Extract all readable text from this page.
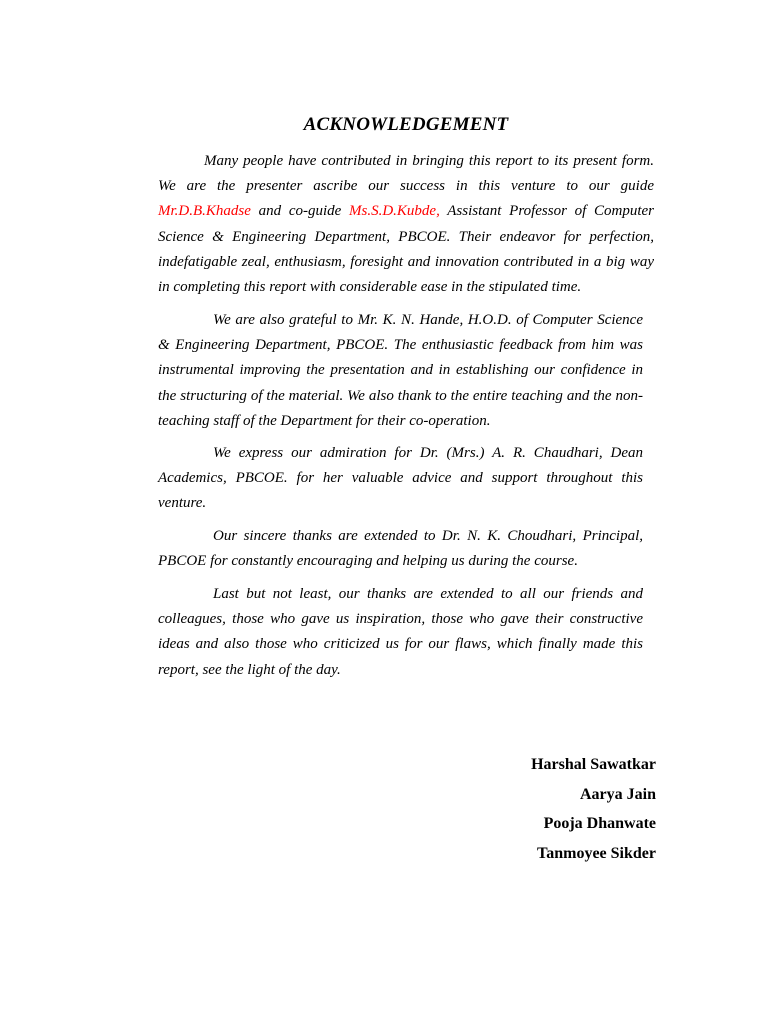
ACKNOWLEDGEMENT

Many people have contributed in bringing this report to its present form. We are the presenter ascribe our success in this venture to our guide Mr.D.B.Khadse and co-guide Ms.S.D.Kubde, Assistant Professor of Computer Science & Engineering Department, PBCOE. Their endeavor for perfection, indefatigable zeal, enthusiasm, foresight and innovation contributed in a big way in completing this report with considerable ease in the stipulated time.

We are also grateful to Mr. K. N. Hande, H.O.D. of Computer Science & Engineering Department, PBCOE. The enthusiastic feedback from him was instrumental improving the presentation and in establishing our confidence in the structuring of the material. We also thank to the entire teaching and the non-teaching staff of the Department for their co-operation.

We express our admiration for Dr. (Mrs.) A. R. Chaudhari, Dean Academics, PBCOE. for her valuable advice and support throughout this venture.

Our sincere thanks are extended to Dr. N. K. Choudhari, Principal, PBCOE for constantly encouraging and helping us during the course.

Last but not least, our thanks are extended to all our friends and colleagues, those who gave us inspiration, those who gave their constructive ideas and also those who criticized us for our flaws, which finally made this report, see the light of the day.

Harshal Sawatkar
Aarya Jain
Pooja Dhanwate
Tanmoyee Sikder
